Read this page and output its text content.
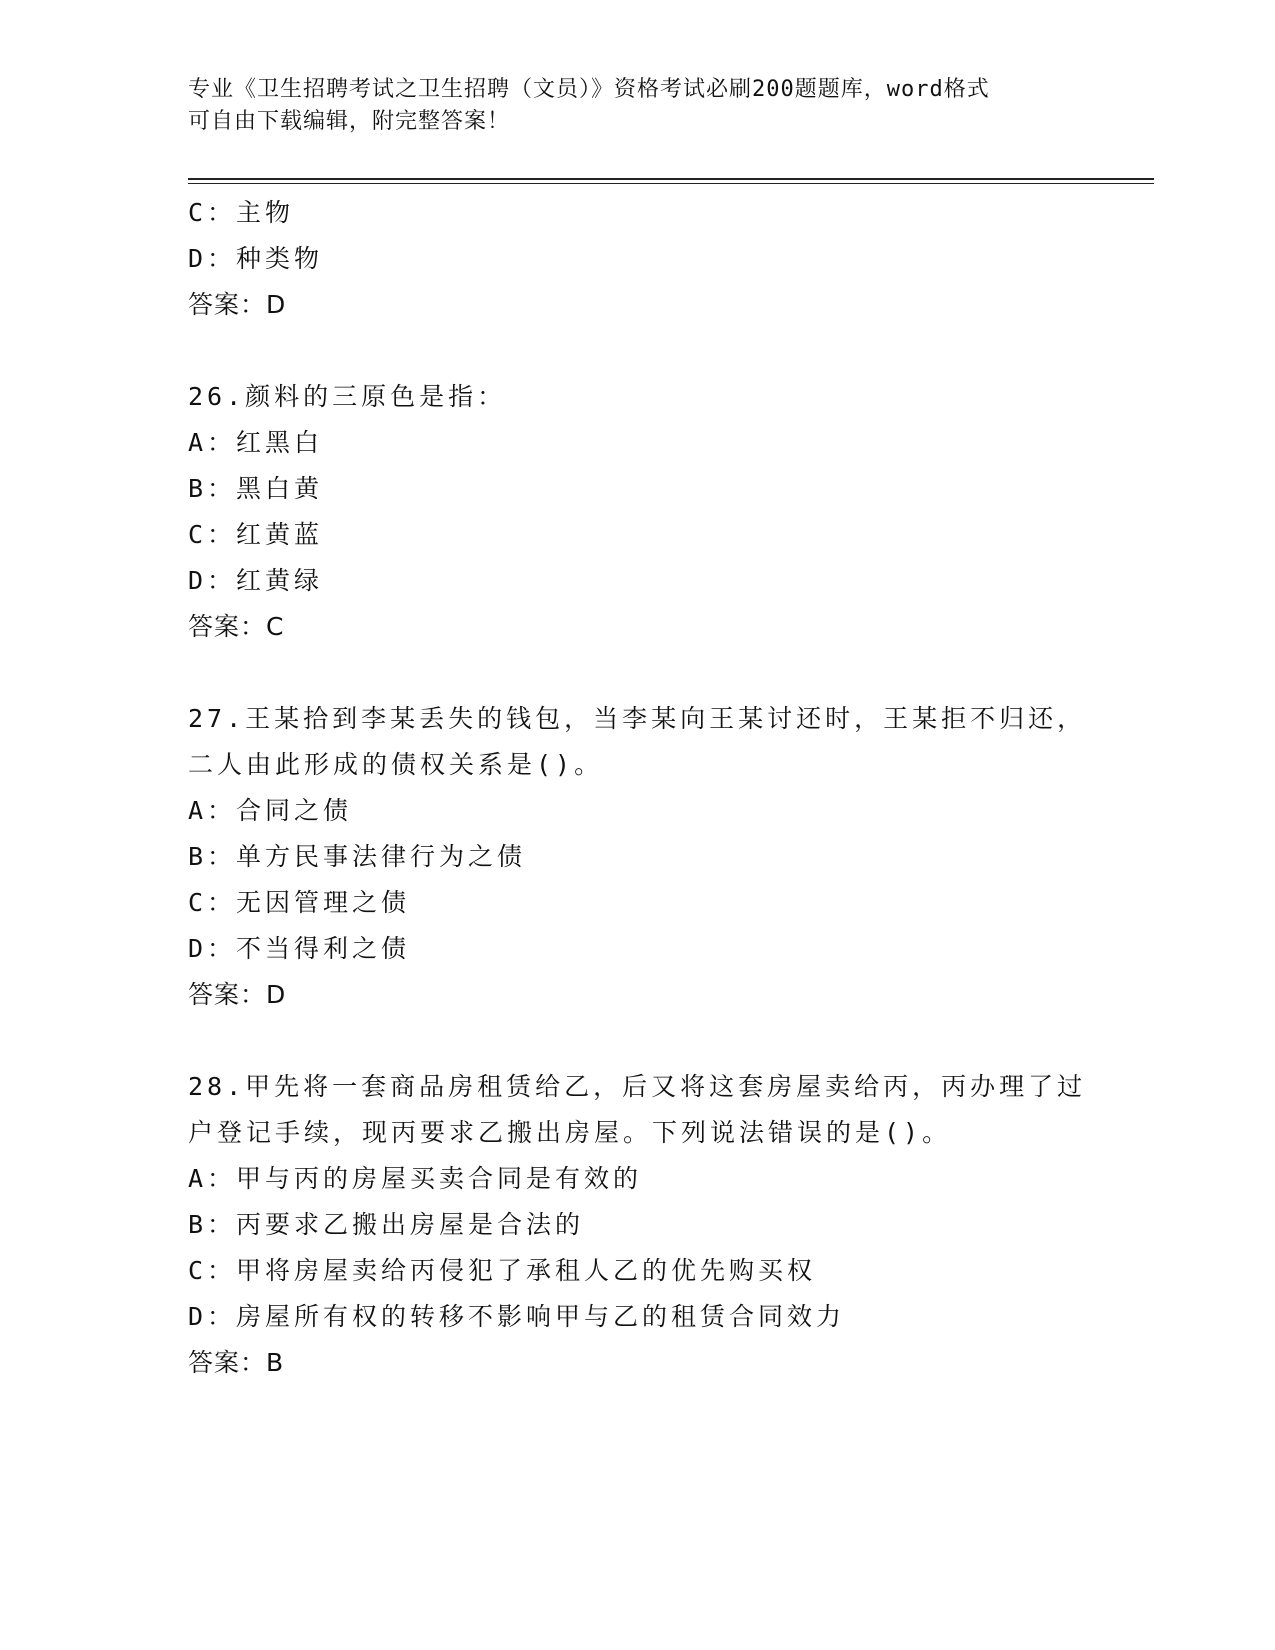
专业《卫生招聘考试之卫生招聘（文员）》资格考试必刷200题题库，word格式
可自由下载编辑，附完整答案！
C：主物
D：种类物
答案：D
26.颜料的三原色是指：
A：红黑白
B：黑白黄
C：红黄蓝
D：红黄绿
答案：C
27.王某拾到李某丢失的钱包，当李某向王某讨还时，王某拒不归还，
二人由此形成的债权关系是()。
A：合同之债
B：单方民事法律行为之债
C：无因管理之债
D：不当得利之债
答案：D
28.甲先将一套商品房租赁给乙，后又将这套房屋卖给丙，丙办理了过
户登记手续，现丙要求乙搬出房屋。下列说法错误的是()。
A：甲与丙的房屋买卖合同是有效的
B：丙要求乙搬出房屋是合法的
C：甲将房屋卖给丙侵犯了承租人乙的优先购买权
D：房屋所有权的转移不影响甲与乙的租赁合同效力
答案：B
